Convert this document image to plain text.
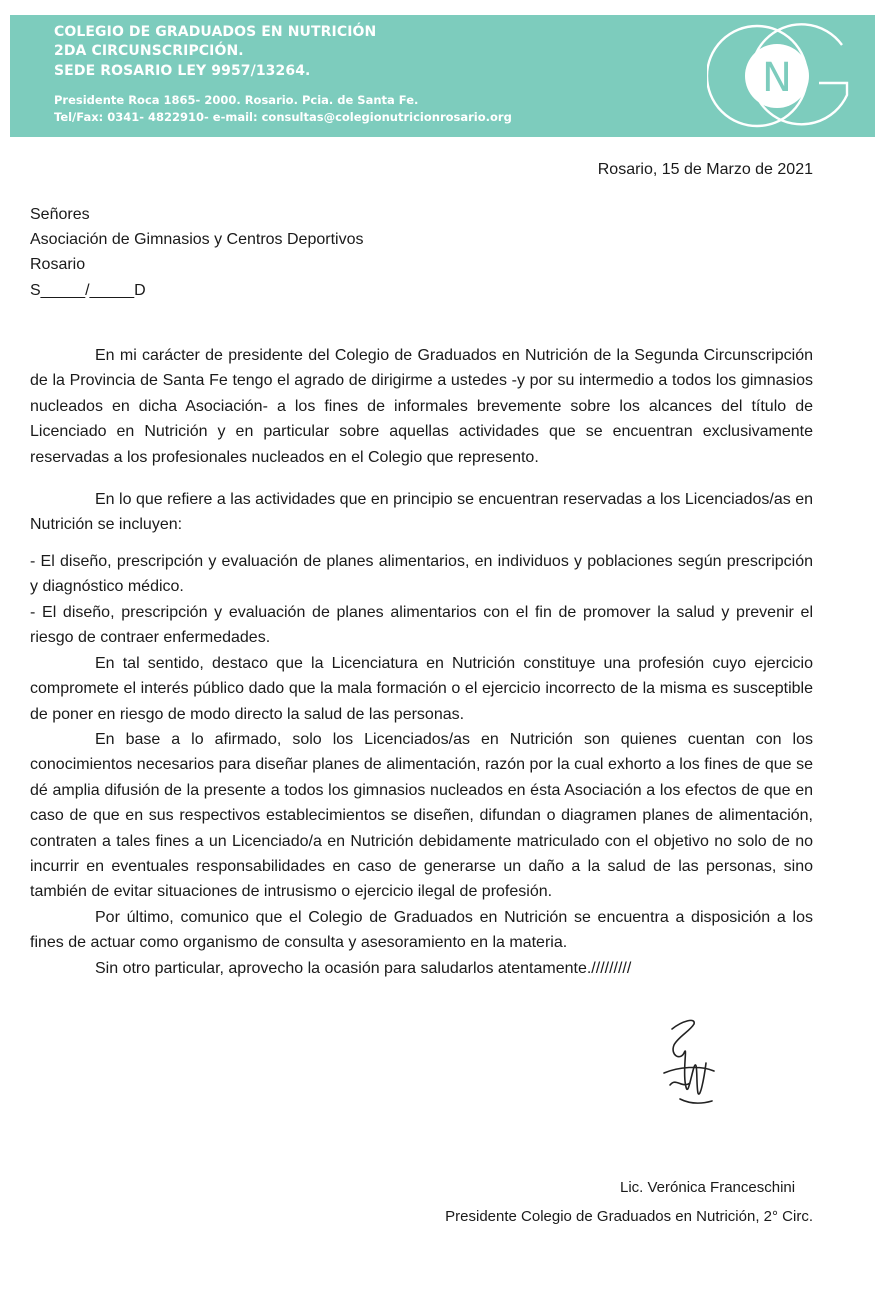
COLEGIO DE GRADUADOS EN NUTRICIÓN
2DA CIRCUNSCRIPCIÓN.
SEDE ROSARIO LEY 9957/13264.
Presidente Roca 1865- 2000. Rosario. Pcia. de Santa Fe.
Tel/Fax: 0341- 4822910- e-mail: consultas@colegionutricionrosario.org
N
Rosario, 15 de Marzo de 2021
Señores
Asociación de Gimnasios y Centros Deportivos
Rosario
S_____/_____D
En mi carácter de presidente del Colegio de Graduados en Nutrición de la Segunda Circunscripción de la Provincia de Santa Fe tengo el agrado de dirigirme a ustedes -y por su intermedio a todos los gimnasios nucleados en dicha Asociación- a los fines de informales brevemente sobre los alcances del título de Licenciado en Nutrición y en particular sobre aquellas actividades que se encuentran exclusivamente reservadas a los profesionales nucleados en el Colegio que represento.
En lo que refiere a las actividades que en principio se encuentran reservadas a los Licenciados/as en Nutrición se incluyen:
- El diseño, prescripción y evaluación de planes alimentarios, en individuos y poblaciones según prescripción y diagnóstico médico.
- El diseño, prescripción y evaluación de planes alimentarios con el fin de promover la salud y prevenir el riesgo de contraer enfermedades.
En tal sentido, destaco que la Licenciatura en Nutrición constituye una profesión cuyo ejercicio compromete el interés público dado que la mala formación o el ejercicio incorrecto de la misma es susceptible de poner en riesgo de modo directo la salud de las personas.
En base a lo afirmado, solo los Licenciados/as en Nutrición son quienes cuentan con los conocimientos necesarios para diseñar planes de alimentación, razón por la cual exhorto a los fines de que se dé amplia difusión de la presente a todos los gimnasios nucleados en ésta Asociación a los efectos de que en caso de que en sus respectivos establecimientos se diseñen, difundan o diagramen planes de alimentación, contraten a tales fines a un Licenciado/a en Nutrición debidamente matriculado con el objetivo no solo de no incurrir en eventuales responsabilidades en caso de generarse un daño a la salud de las personas, sino también de evitar situaciones de intrusismo o ejercicio ilegal de profesión.
Por último, comunico que el Colegio de Graduados en Nutrición se encuentra a disposición a los fines de actuar como organismo de consulta y asesoramiento en la materia.
Sin otro particular, aprovecho la ocasión para saludarlos atentamente./////////
Lic. Verónica Franceschini
Presidente Colegio de Graduados en Nutrición, 2° Circ.
